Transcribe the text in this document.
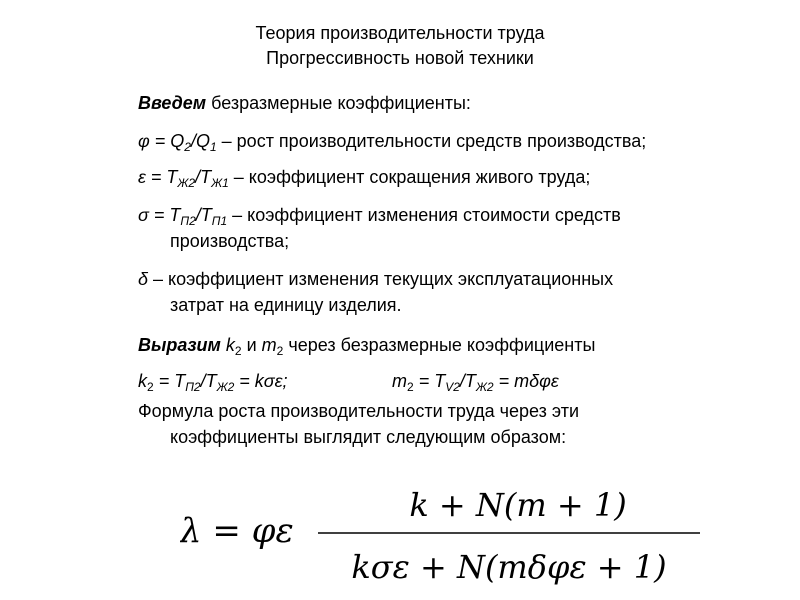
Теория производительности труда
Прогрессивность новой техники
Введем безразмерные коэффициенты:
$\varphi = Q_2/Q_1$ – рост производительности средств производства;
$\varepsilon = T_{Ж2}/T_{Ж1}$ – коэффициент сокращения живого труда;
$\sigma = T_{П2}/T_{П1}$ – коэффициент изменения стоимости средств
производства;
δ – коэффициент изменения текущих эксплуатационных
затрат на единицу изделия.
Выразим $k_2$ и $m_2$ через безразмерные коэффициенты
$k_2 = T_{П2}/T_{Ж2} = k\sigma\varepsilon$;	$m_2 = T_{V2}/T_{Ж2} = m\delta\varphi\varepsilon$
Формула роста производительности труда через эти
коэффициенты выглядит следующим образом:
λ = φε
k + N(m + 1)
kσε + N(mδφε + 1)
